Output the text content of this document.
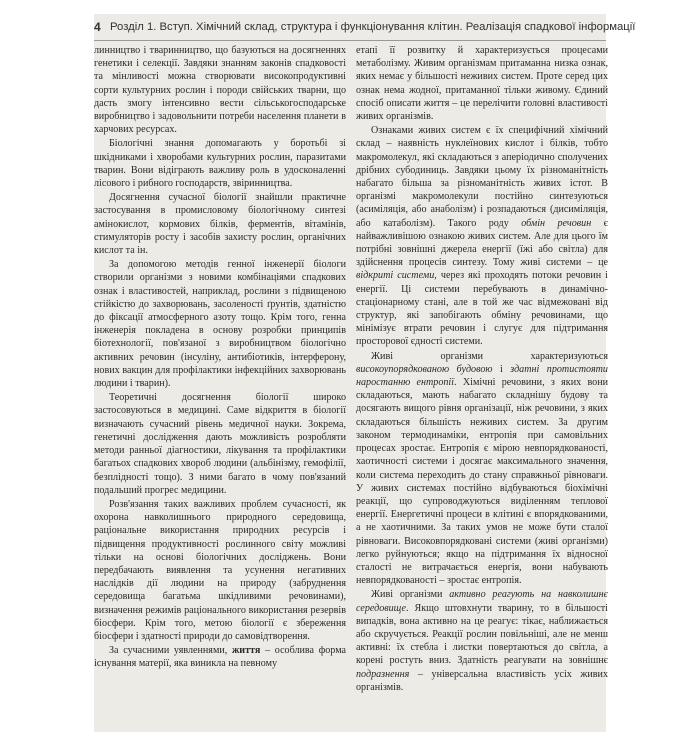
4 Розділ 1. Вступ. Хімічний склад, структура і функціонування клітин. Реалізація спадкової інформації

линництво і тваринництво, що базуються на досягненнях генетики і селекції. Завдяки знанням законів спадковості та мінливості можна створювати високопродуктивні сорти культурних рослин і породи свійських тварни, що дасть змогу інтенсивно вести сільськогосподарське виробництво і задовольнити потреби населення планети в харчових ресурсах.

Біологічні знання допомагають у боротьбі зі шкідниками і хворобами культурних рослин, паразитами тварин. Вони відіграють важливу роль в удосконаленні лісового і рибного господарств, звіринництва.

Досягнення сучасної біології знайшли практичне застосування в промисловому біологічному синтезі амінокислот, кормових білків, ферментів, вітамінів, стимуляторів росту і засобів захисту рослин, органічних кислот та ін.

За допомогою методів генної інженерії біологи створили організми з новими комбінаціями спадкових ознак і властивостей, наприклад, рослини з підвищеною стійкістю до захворювань, засоленості ґрунтів, здатністю до фіксації атмосферного азоту тощо. Крім того, генна інженерія покладена в основу розробки принципів біотехнології, пов'язаної з виробництвом біологічно активних речовин (інсуліну, антибіотиків, інтерферону, нових вакцин для профілактики інфекційних захворювань людини і тварин).

Теоретичні досягнення біології широко застосовуються в медицині. Саме відкриття в біології визначають сучасний рівень медичної науки. Зокрема, генетичні дослідження дають можливість розробляти методи ранньої діагностики, лікування та профілактики багатьох спадкових хвороб людини (альбінізму, гемофілії, безплідності тощо). З ними багато в чому пов'язаний подальший прогрес медицини.

Розв'язання таких важливих проблем сучасності, як охорона навколишнього природного середовища, раціональне використання природних ресурсів і підвищення продуктивності рослинного світу можливі тільки на основі біологічних досліджень. Вони передбачають виявлення та усунення негативних наслідків дії людини на природу (забруднення середовища багатьма шкідливими речовинами), визначення режимів раціонального використання резервів біосфери. Крім того, метою біології є збереження біосфери і здатності природи до самовідтворення.

За сучасними уявленнями, життя – особлива форма існування матерії, яка виникла на певному

етапі її розвитку й характеризується процесами метаболізму. Живим організмам притаманна низка ознак, яких немає у більшості неживих систем. Проте серед цих ознак нема жодної, притаманної тільки живому. Єдиний спосіб описати життя – це перелічити головні властивості живих організмів.

Ознаками живих систем є їх специфічний хімічний склад – наявність нуклеїнових кислот і білків, тобто макромолекул, які складаються з аперіодично сполучених дрібних субодиниць. Завдяки цьому їх різноманітність набагато більша за різноманітність живих істот. В організмі макромолекули постійно синтезуються (асиміляція, або анаболізм) і розпадаються (дисиміляція, або катаболізм). Такого роду обмін речовин є найважливішою ознакою живих систем. Але для цього їм потрібні зовнішні джерела енергії (їжі або світла) для здійснення процесів синтезу. Тому живі системи – це відкриті системи, через які проходять потоки речовин і енергії. Ці системи перебувають в динамічно-стаціонарному стані, але в той же час відмежовані від структур, які запобігають обміну речовинами, що мінімізує втрати речовин і слугує для підтримання просторової єдності системи.

Живі організми характеризуються високоупорядкованою будовою і здатні протистояти наростанню ентропії. Хімічні речовини, з яких вони складаються, мають набагато складнішу будову та досягають вищого рівня організації, ніж речовини, з яких складаються більшість неживих систем. За другим законом термодинаміки, ентропія при самовільних процесах зростає. Ентропія є мірою невпорядкованості, хаотичності системи і досягає максимального значення, коли система переходить до стану справжньої рівноваги. У живих системах постійно відбуваються біохімічні реакції, що супроводжуються виділенням теплової енергії. Енергетичні процеси в клітині є впорядкованими, а не хаотичними. За таких умов не може бути сталої рівноваги. Високовпорядковані системи (живі організми) легко руйнуються; якщо на підтримання їх відносної сталості не витрачається енергія, вони набувають невпорядкованості – зростає ентропія.

Живі організми активно реагують на навколишнє середовище. Якщо штовхнути тварину, то в більшості випадків, вона активно на це реагує: тікає, наближається або скручується. Реакції рослин повільніші, але не менш активні: їх стебла і листки повертаються до світла, а корені ростуть вниз. Здатність реагувати на зовнішнє подразнення – універсальна властивість усіх живих організмів.
